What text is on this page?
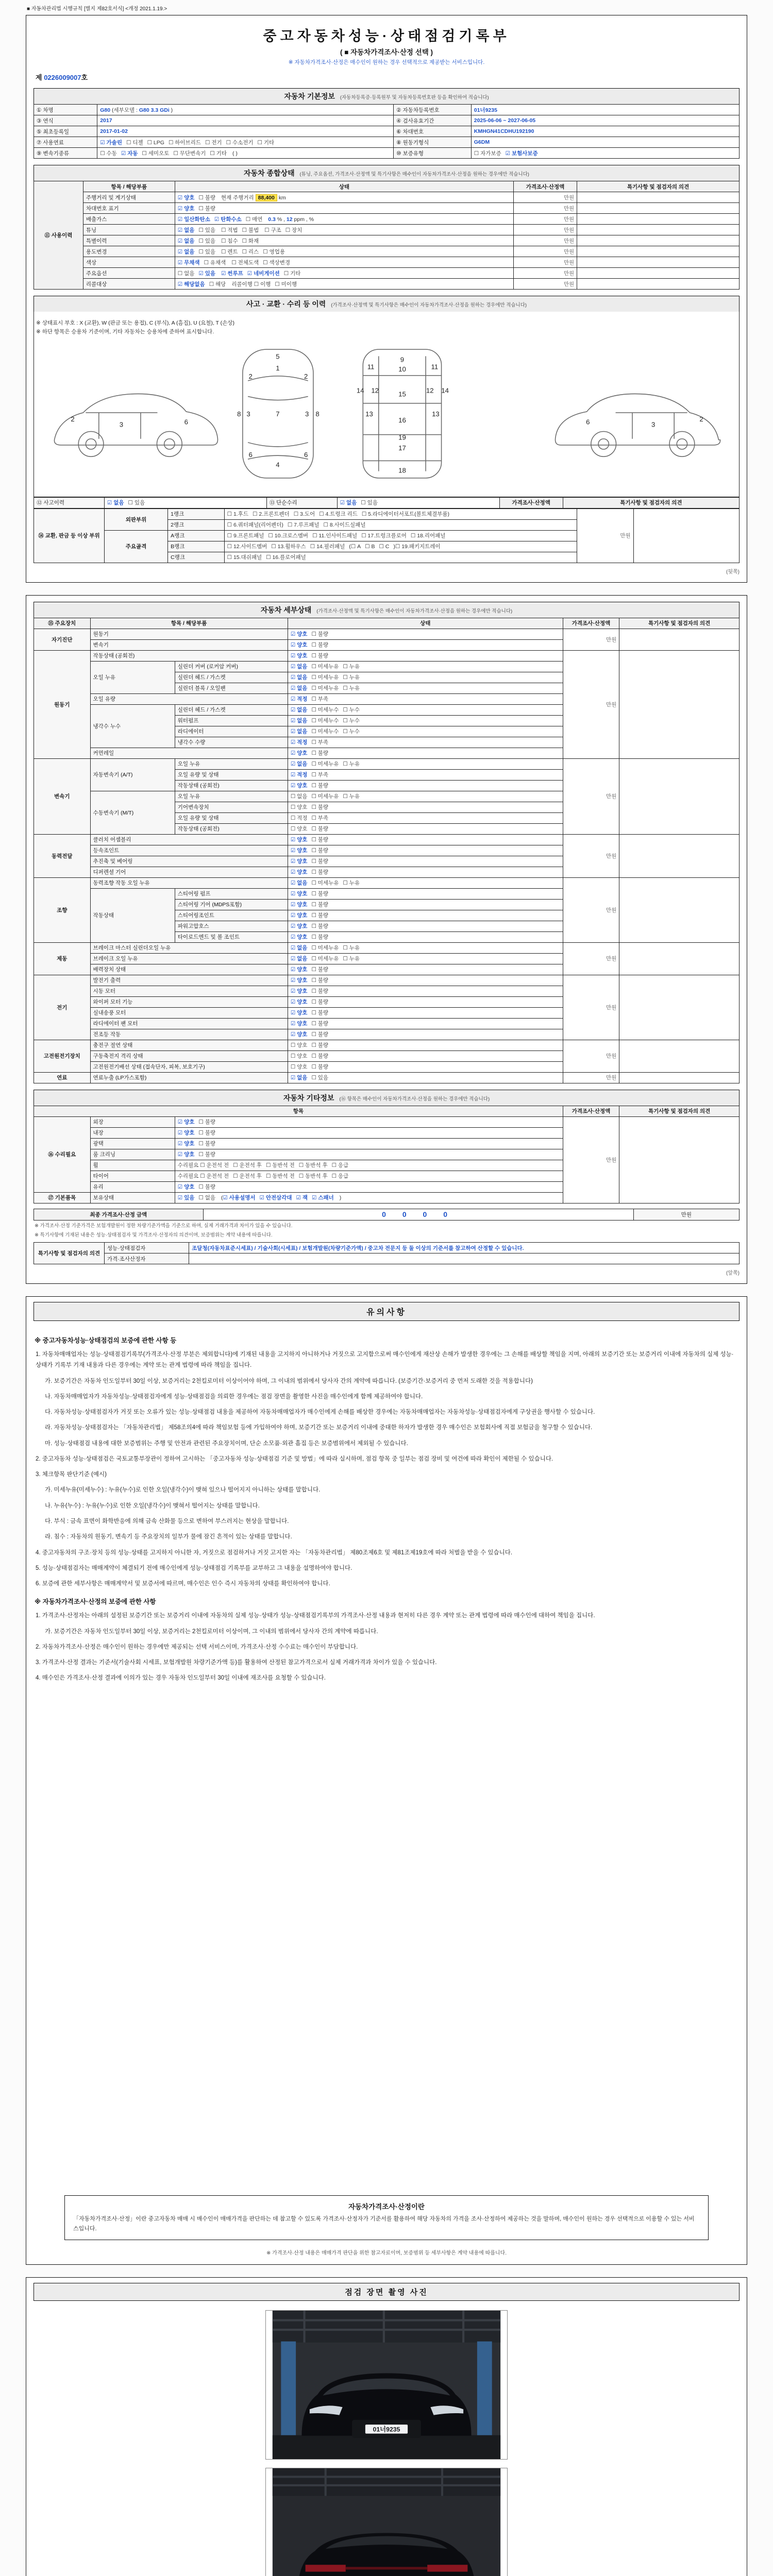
■ 자동차관리법 시행규칙 [별지 제82호서식] <개정 2021.1.19.>
중고자동차성능·상태점검기록부
( ■ 자동차가격조사·산정 선택 )
※ 자동차가격조사·산정은 매수인이 원하는 경우 선택적으로 제공받는 서비스입니다.
제 0226009007호
자동차 기본정보 (자동차등록증·등록원부 및 자동차등록번호판 등을 확인하여 적습니다)
① 차명	G80 (세부모델 : G80 3.3 GDi )	② 자동차등록번호	01너9235
③ 연식	2017	④ 검사유효기간	2025-06-06 ~ 2027-06-05
⑤ 최초등록일	2017-01-02	⑥ 차대번호	KMHGN41CDHU192190
⑦ 사용연료	☑ 가솔린 ☐ 디젤 ☐ LPG ☐ 하이브리드 ☐ 전기 ☐ 수소전기 ☐ 기타	⑧ 원동기형식	G6DM
⑨ 변속기종류	☐ 수동 ☑ 자동 ☐ 세미오토 ☐ 무단변속기 ☐ 기타 ( )	⑩ 보증유형	☐ 자가보증 ☑ 보험사보증
자동차 종합상태 (튜닝, 주요옵션, 가격조사·산정액 및 특기사항은 매수인이 자동차가격조사·산정을 원하는 경우에만 적습니다)
⑪ 사용이력	항목 / 해당부품	상태	가격조사·산정액	특기사항 및 점검자의 의견
	주행거리 및 계기상태	☑ 양호 ☐ 불량 현재 주행거리 88,400 km	만원	
	차대번호 표기	☑ 양호 ☐ 불량	만원	
	배출가스	☑ 일산화탄소 ☑ 탄화수소 ☐ 매연 0.3 % , 12 ppm , %	만원	
	튜닝	☑ 없음 ☐ 있음 ☐ 적법 ☐ 불법 ☐ 구조 ☐ 장치	만원	
	특별이력	☑ 없음 ☐ 있음 ☐ 침수 ☐ 화재	만원	
	용도변경	☑ 없음 ☐ 있음 ☐ 렌트 ☐ 리스 ☐ 영업용	만원	
	색상	☑ 무채색 ☐ 유채색 ☐ 전체도색 ☐ 색상변경	만원	
	주요옵션	☐ 없음 ☑ 있음 ☑ 썬루프 ☑ 네비게이션 ☐ 기타	만원	
	리콜대상	☑ 해당없음 ☐ 해당 리콜이행 ☐ 이행 ☐ 미이행	만원	
사고 · 교환 · 수리 등 이력 (가격조사·산정액 및 특기사항은 매수인이 자동차가격조사·산정을 원하는 경우에만 적습니다)
※ 상태표시 부호 : X (교환), W (판금 또는 용접), C (부식), A (흠집), U (요철), T (손상)
※ 하단 항목은 승용차 기준이며, 기타 자동차는 승용차에 준하여 표시합니다.
2
3	6
5
1
7
4
2	2
3	3
6	6
8	8
9
10
11	11
12	12
13	13
14	14
15
16
17
18
19
2
3
6
⑫ 사고이력	☑ 없음 ☐ 있음	⑬ 단순수리	☑ 없음 ☐ 있음	가격조사·산정액	특기사항 및 점검자의 의견
⑭ 교환, 판금 등 이상 부위	외판부위	1랭크	☐ 1.후드 ☐ 2.프론트펜더 ☐ 3.도어 ☐ 4.트렁크 리드 ☐ 5.라디에이터서포트(볼트체결부품)	만원	
		2랭크	☐ 6.쿼터패널(리어펜더) ☐ 7.루프패널 ☐ 8.사이드실패널		
	주요골격	A랭크	☐ 9.프론트패널 ☐ 10.크로스멤버 ☐ 11.인사이드패널 ☐ 17.트렁크플로어 ☐ 18.리어패널		
		B랭크	☐ 12.사이드멤버 ☐ 13.휠하우스 ☐ 14.필러패널 (☐ A ☐ B ☐ C )☐ 19.패키지트레이		
		C랭크	☐ 15.대쉬패널 ☐ 16.플로어패널		
(뒷쪽)
자동차 세부상태 (가격조사·산정액 및 특기사항은 매수인이 자동차가격조사·산정을 원하는 경우에만 적습니다)
⑮ 주요장치	항목 / 해당부품		상태	가격조사·산정액	특기사항 및 점검자의 의견
자기진단	원동기		☑ 양호 ☐ 불량	만원	
	변속기		☑ 양호 ☐ 불량		
원동기	작동상태 (공회전)		☑ 양호 ☐ 불량	만원	
	오일 누유	실린더 커버 (로커암 커버)	☑ 없음 ☐ 미세누유 ☐ 누유		
		실린더 헤드 / 가스켓	☑ 없음 ☐ 미세누유 ☐ 누유		
		실린더 블록 / 오일팬	☑ 없음 ☐ 미세누유 ☐ 누유		
	오일 유량		☑ 적정 ☐ 부족		
	냉각수 누수	실린더 헤드 / 가스켓	☑ 없음 ☐ 미세누수 ☐ 누수		
		워터펌프	☑ 없음 ☐ 미세누수 ☐ 누수		
		라디에이터	☑ 없음 ☐ 미세누수 ☐ 누수		
		냉각수 수량	☑ 적정 ☐ 부족		
	커먼레일		☑ 양호 ☐ 불량		
변속기	자동변속기 (A/T)	오일 누유	☑ 없음 ☐ 미세누유 ☐ 누유	만원	
		오일 유량 및 상태	☑ 적정 ☐ 부족		
		작동상태 (공회전)	☑ 양호 ☐ 불량		
	수동변속기 (M/T)	오일 누유	☐ 없음 ☐ 미세누유 ☐ 누유		
		기어변속장치	☐ 양호 ☐ 불량		
		오일 유량 및 상태	☐ 적정 ☐ 부족		
		작동상태 (공회전)	☐ 양호 ☐ 불량		
동력전달	클러치 어셈블리		☑ 양호 ☐ 불량	만원	
	등속조인트		☑ 양호 ☐ 불량		
	추진축 및 베어링		☑ 양호 ☐ 불량		
	디퍼렌셜 기어		☑ 양호 ☐ 불량		
조향	동력조향 작동 오일 누유		☑ 없음 ☐ 미세누유 ☐ 누유	만원	
	작동상태	스티어링 펌프	☑ 양호 ☐ 불량		
		스티어링 기어 (MDPS포함)	☑ 양호 ☐ 불량		
		스티어링조인트	☑ 양호 ☐ 불량		
		파워고압호스	☑ 양호 ☐ 불량		
		타이로드엔드 및 볼 조인트	☑ 양호 ☐ 불량		
제동	브레이크 마스터 실린더오일 누유		☑ 없음 ☐ 미세누유 ☐ 누유	만원	
	브레이크 오일 누유		☑ 없음 ☐ 미세누유 ☐ 누유		
	배력장치 상태		☑ 양호 ☐ 불량		
전기	발전기 출력		☑ 양호 ☐ 불량	만원	
	시동 모터		☑ 양호 ☐ 불량		
	와이퍼 모터 기능		☑ 양호 ☐ 불량		
	실내송풍 모터		☑ 양호 ☐ 불량		
	라디에이터 팬 모터		☑ 양호 ☐ 불량		
	전조등 작동		☑ 양호 ☐ 불량		
고전원전기장치	충전구 절연 상태		☐ 양호 ☐ 불량	만원	
	구동축전지 격리 상태		☐ 양호 ☐ 불량		
	고전원전기배선 상태 (접속단자, 피복, 보호기구)		☐ 양호 ☐ 불량		
연료	연료누출 (LP가스포함)		☑ 없음 ☐ 있음	만원	
자동차 기타정보 (⑯ 항목은 매수인이 자동차가격조사·산정을 원하는 경우에만 적습니다)
항목			가격조사·산정액	특기사항 및 점검자의 의견
⑯ 수리필요	외장	☑ 양호 ☐ 불량	만원	
	내장	☑ 양호 ☐ 불량		
	광택	☑ 양호 ☐ 불량		
	룸 크리닝	☑ 양호 ☐ 불량		
	휠	수리필요 ☐ 운전석 전 ☐ 운전석 후 ☐ 동반석 전 ☐ 동반석 후 ☐ 응급		
	타이어	수리필요 ☐ 운전석 전 ☐ 운전석 후 ☐ 동반석 전 ☐ 동반석 후 ☐ 응급		
	유리	☑ 양호 ☐ 불량		
⑰ 기본품목	보유상태	☑ 있음 ☐ 없음 (☑ 사용설명서 ☑ 안전삼각대 ☑ 잭 ☑ 스패너 )		
최종 가격조사·산정 금액	0 0 0 0	만원
※ 가격조사·산정 기준가격은 보험개발원이 정한 차량기준가액을 기준으로 하며, 실제 거래가격과 차이가 있을 수 있습니다.
※ 특기사항에 기재된 내용은 성능·상태점검자 및 가격조사·산정자의 의견이며, 보증범위는 계약 내용에 따릅니다.
특기사항 및 점검자의 의견	성능·상태점검자	조달청(자동차표준시세표) / 기술사회(시세표) / 보험개발원(차량기준가액) / 중고차 전문지 등 둘 이상의 기준서를 참고하여 산정할 수 있습니다.
	가격·조사산정자	
(앞쪽)
유의사항
※ 중고자동차성능·상태점검의 보증에 관한 사항 등
1. 자동차매매업자는 성능·상태점검기록부(가격조사·산정 부분은 제외합니다)에 기재된 내용을 고지하지 아니하거나 거짓으로 고지함으로써 매수인에게 재산상 손해가 발생한 경우에는 그 손해를 배상할 책임을 지며, 아래의 보증기간 또는 보증거리 이내에 자동차의 실제 성능·상태가 기록부 기재 내용과 다른 경우에는 계약 또는 관계 법령에 따라 책임을 집니다.
가. 보증기간은 자동차 인도일부터 30일 이상, 보증거리는 2천킬로미터 이상이어야 하며, 그 이내의 범위에서 당사자 간의 계약에 따릅니다. (보증기간·보증거리 중 먼저 도래한 것을 적용합니다)
나. 자동차매매업자가 자동차성능·상태점검자에게 성능·상태점검을 의뢰한 경우에는 점검 장면을 촬영한 사진을 매수인에게 함께 제공하여야 합니다.
다. 자동차성능·상태점검자가 거짓 또는 오류가 있는 성능·상태점검 내용을 제공하여 자동차매매업자가 매수인에게 손해를 배상한 경우에는 자동차매매업자는 자동차성능·상태점검자에게 구상권을 행사할 수 있습니다.
라. 자동차성능·상태점검자는 「자동차관리법」 제58조의4에 따라 책임보험 등에 가입하여야 하며, 보증기간 또는 보증거리 이내에 중대한 하자가 발생한 경우 매수인은 보험회사에 직접 보험금을 청구할 수 있습니다.
마. 성능·상태점검 내용에 대한 보증범위는 주행 및 안전과 관련된 주요장치이며, 단순 소모품·외관 흠집 등은 보증범위에서 제외될 수 있습니다.
2. 중고자동차 성능·상태점검은 국토교통부장관이 정하여 고시하는 「중고자동차 성능·상태점검 기준 및 방법」에 따라 실시하며, 점검 항목 중 일부는 점검 장비 및 여건에 따라 확인이 제한될 수 있습니다.
3. 체크항목 판단기준 (예시)
가. 미세누유(미세누수) : 누유(누수)로 인한 오일(냉각수)이 맺혀 있으나 떨어지지 아니하는 상태를 말합니다.
나. 누유(누수) : 누유(누수)로 인한 오일(냉각수)이 맺혀서 떨어지는 상태를 말합니다.
다. 부식 : 금속 표면이 화학반응에 의해 금속 산화물 등으로 변하여 부스러지는 현상을 말합니다.
라. 침수 : 자동차의 원동기, 변속기 등 주요장치의 일부가 물에 잠긴 흔적이 있는 상태를 말합니다.
4. 중고자동차의 구조·장치 등의 성능·상태를 고지하지 아니한 자, 거짓으로 점검하거나 거짓 고지한 자는 「자동차관리법」 제80조제6호 및 제81조제19호에 따라 처벌을 받을 수 있습니다.
5. 성능·상태점검자는 매매계약이 체결되기 전에 매수인에게 성능·상태점검 기록부를 교부하고 그 내용을 설명하여야 합니다.
6. 보증에 관한 세부사항은 매매계약서 및 보증서에 따르며, 매수인은 인수 즉시 자동차의 상태를 확인하여야 합니다.
※ 자동차가격조사·산정의 보증에 관한 사항
1. 가격조사·산정자는 아래의 설정된 보증기간 또는 보증거리 이내에 자동차의 실제 성능·상태가 성능·상태점검기록부의 가격조사·산정 내용과 현저히 다른 경우 계약 또는 관계 법령에 따라 매수인에 대하여 책임을 집니다.
가. 보증기간은 자동차 인도일부터 30일 이상, 보증거리는 2천킬로미터 이상이며, 그 이내의 범위에서 당사자 간의 계약에 따릅니다.
2. 자동차가격조사·산정은 매수인이 원하는 경우에만 제공되는 선택 서비스이며, 가격조사·산정 수수료는 매수인이 부담합니다.
3. 가격조사·산정 결과는 기준서(기술사회 시세표, 보험개발원 차량기준가액 등)를 활용하여 산정된 참고가격으로서 실제 거래가격과 차이가 있을 수 있습니다.
4. 매수인은 가격조사·산정 결과에 이의가 있는 경우 자동차 인도일부터 30일 이내에 재조사를 요청할 수 있습니다.
자동차가격조사·산정이란
「자동차가격조사·산정」이란 중고자동차 매매 시 매수인이 매매가격을 판단하는 데 참고할 수 있도록 가격조사·산정자가 기준서를 활용하여 해당 자동차의 가격을 조사·산정하여 제공하는 것을 말하며, 매수인이 원하는 경우 선택적으로 이용할 수 있는 서비스입니다.
※ 가격조사·산정 내용은 매매가격 판단을 위한 참고자료이며, 보증범위 등 세부사항은 계약 내용에 따릅니다.
점검 장면 촬영 사진
01너9235
